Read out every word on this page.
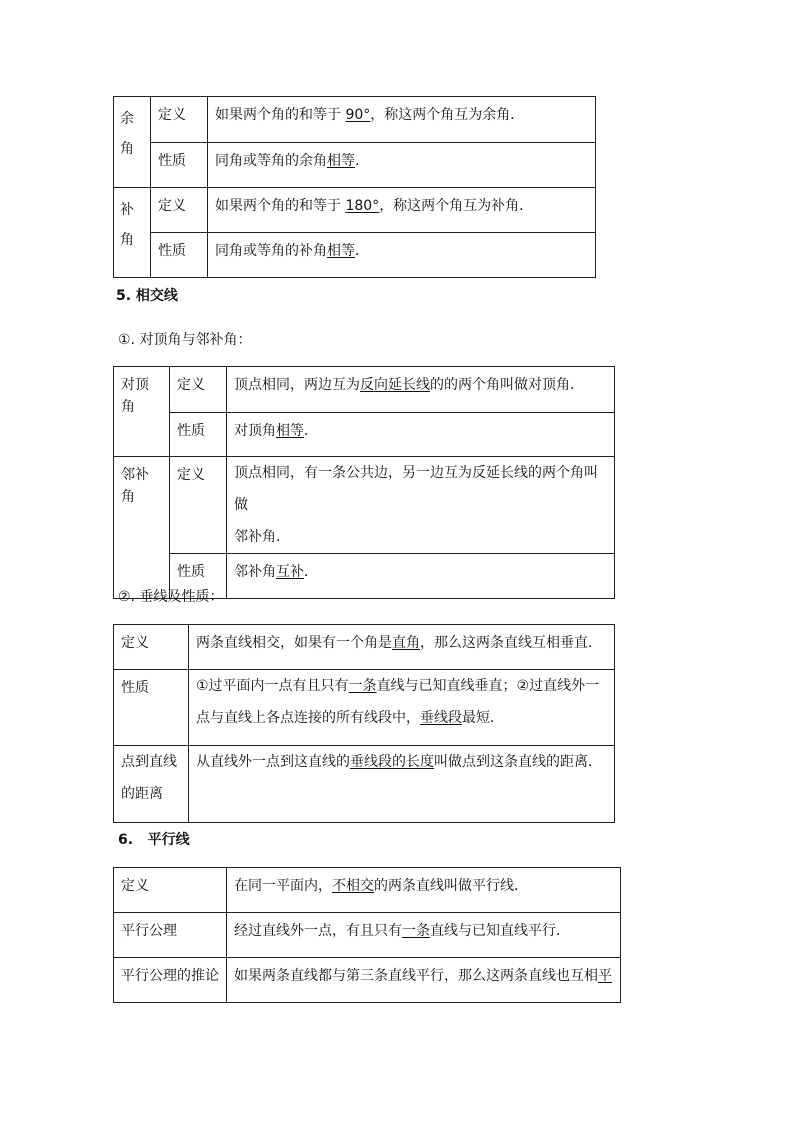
余
角	定义	如果两个角的和等于 90°，称这两个角互为余角．
	性质	同角或等角的余角相等．

补
角	定义	如果两个角的和等于 180°，称这两个角互为补角．
	性质	同角或等角的补角相等．
5. 相交线
①. 对顶角与邻补角：
对顶角	定义	顶点相同，两边互为反向延长线的的两个角叫做对顶角．
	性质	对顶角相等．
邻补角	定义	顶点相同，有一条公共边，另一边互为反延长线的两个角叫做
邻补角．

	性质	邻补角互补．
②. 垂线及性质：
定义	两条直线相交，如果有一个角是直角，那么这两条直线互相垂直．
性质	①过平面内一点有且只有一条直线与已知直线垂直；②过直线外一
点与直线上各点连接的所有线段中，垂线段最短．

点到直线
的距离	从直线外一点到这直线的垂线段的长度叫做点到这条直线的距离．
6.   平行线
定义	在同一平面内，不相交的两条直线叫做平行线．
平行公理	经过直线外一点，有且只有一条直线与已知直线平行．
平行公理的推论	如果两条直线都与第三条直线平行，那么这两条直线也互相平
